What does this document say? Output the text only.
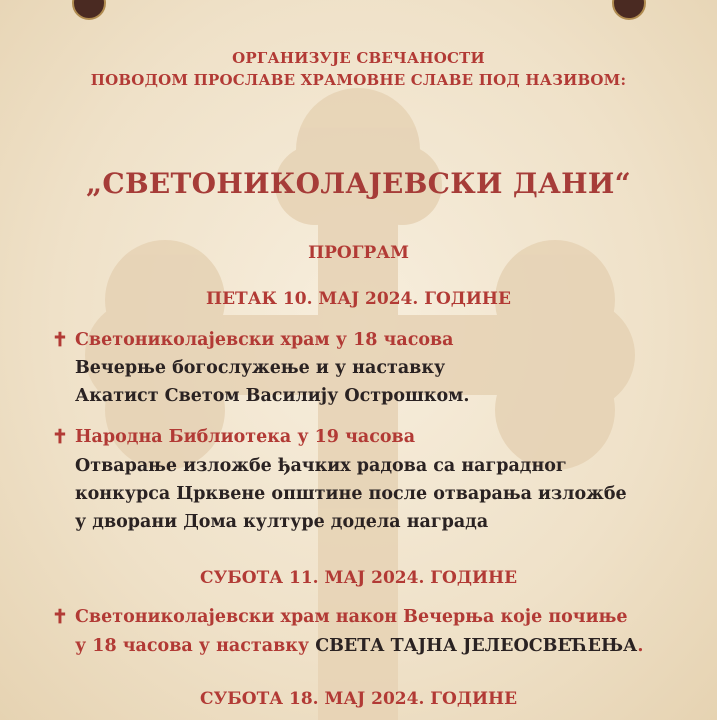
ОРГАНИЗУЈЕ СВЕЧАНОСТИ
ПОВОДОМ ПРОСЛАВЕ ХРАМОВНЕ СЛАВЕ ПОД НАЗИВОМ:
„СВЕТОНИКОЛАЈЕВСКИ ДАНИ“
ПРОГРАМ
ПЕТАК 10. МАЈ 2024. ГОДИНЕ
✝ Светониколајевски храм у 18 часова
Вечерње богослужење и у наставку
Акатист Светом Василију Острошком.
✝ Народна Библиотека у 19 часова
Отварање изложбе ђачких радова са наградног
конкурса Црквене општине после отварања изложбе
у дворани Дома културе додела награда
СУБОТА 11. МАЈ 2024. ГОДИНЕ
✝ Светониколајевски храм након Вечерња које почиње
у 18 часова у наставку СВЕТА ТАЈНА ЈЕЛЕОСВЕЋЕЊА.
СУБОТА 18. МАЈ 2024. ГОДИНЕ
